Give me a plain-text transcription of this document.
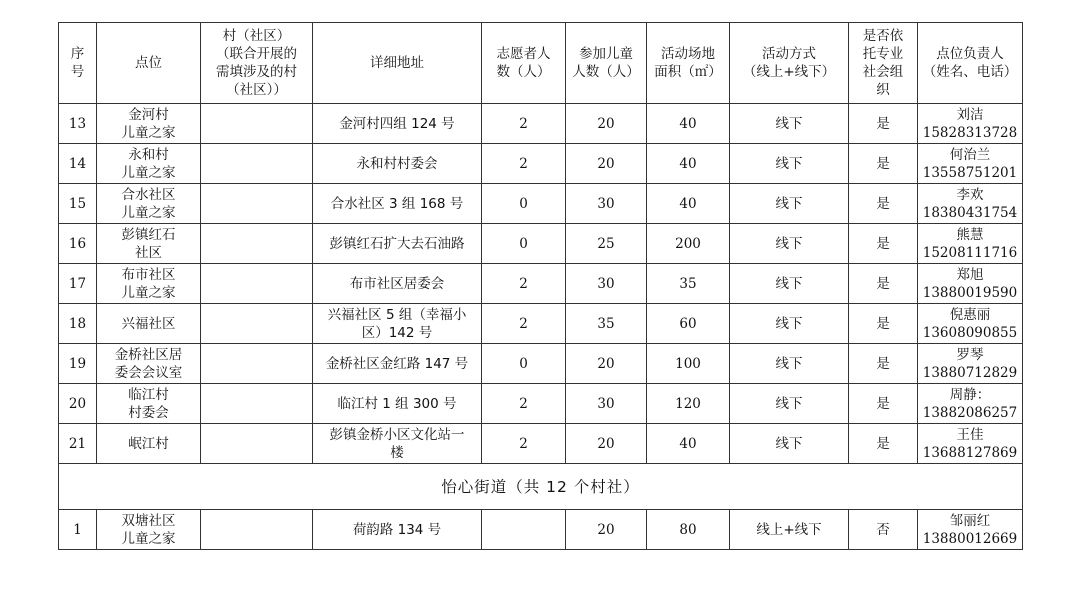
序
号	点位	村（社区）
（联合开展的
需填涉及的村
（社区））	详细地址	志愿者人
数（人）	参加儿童
人数（人）	活动场地
面积（㎡）	活动方式
（线上+线下）	是否依
托专业
社会组
织	点位负责人
（姓名、电话）

13	金河村
儿童之家		金河村四组 124 号	2	20	40	线下	是	刘洁
15828313728

14	永和村
儿童之家		永和村村委会	2	20	40	线下	是	何治兰
13558751201

15	合水社区
儿童之家		合水社区 3 组 168 号	0	30	40	线下	是	李欢
18380431754

16	彭镇红石
社区		彭镇红石扩大去石油路	0	25	200	线下	是	熊慧
15208111716

17	布市社区
儿童之家		布市社区居委会	2	30	35	线下	是	郑旭
13880019590

18	兴福社区		兴福社区 5 组（幸福小
区）142 号	2	35	60	线下	是	倪惠丽
13608090855

19	金桥社区居
委会会议室		金桥社区金红路 147 号	0	20	100	线下	是	罗琴
13880712829

20	临江村
村委会		临江村 1 组 300 号	2	30	120	线下	是	周静：
13882086257

21	岷江村		彭镇金桥小区文化站一
楼	2	20	40	线下	是	王佳
13688127869

怡心街道（共 12 个村社）									

1	双塘社区
儿童之家		荷韵路 134 号		20	80	线上+线下	否	邹丽红
13880012669
